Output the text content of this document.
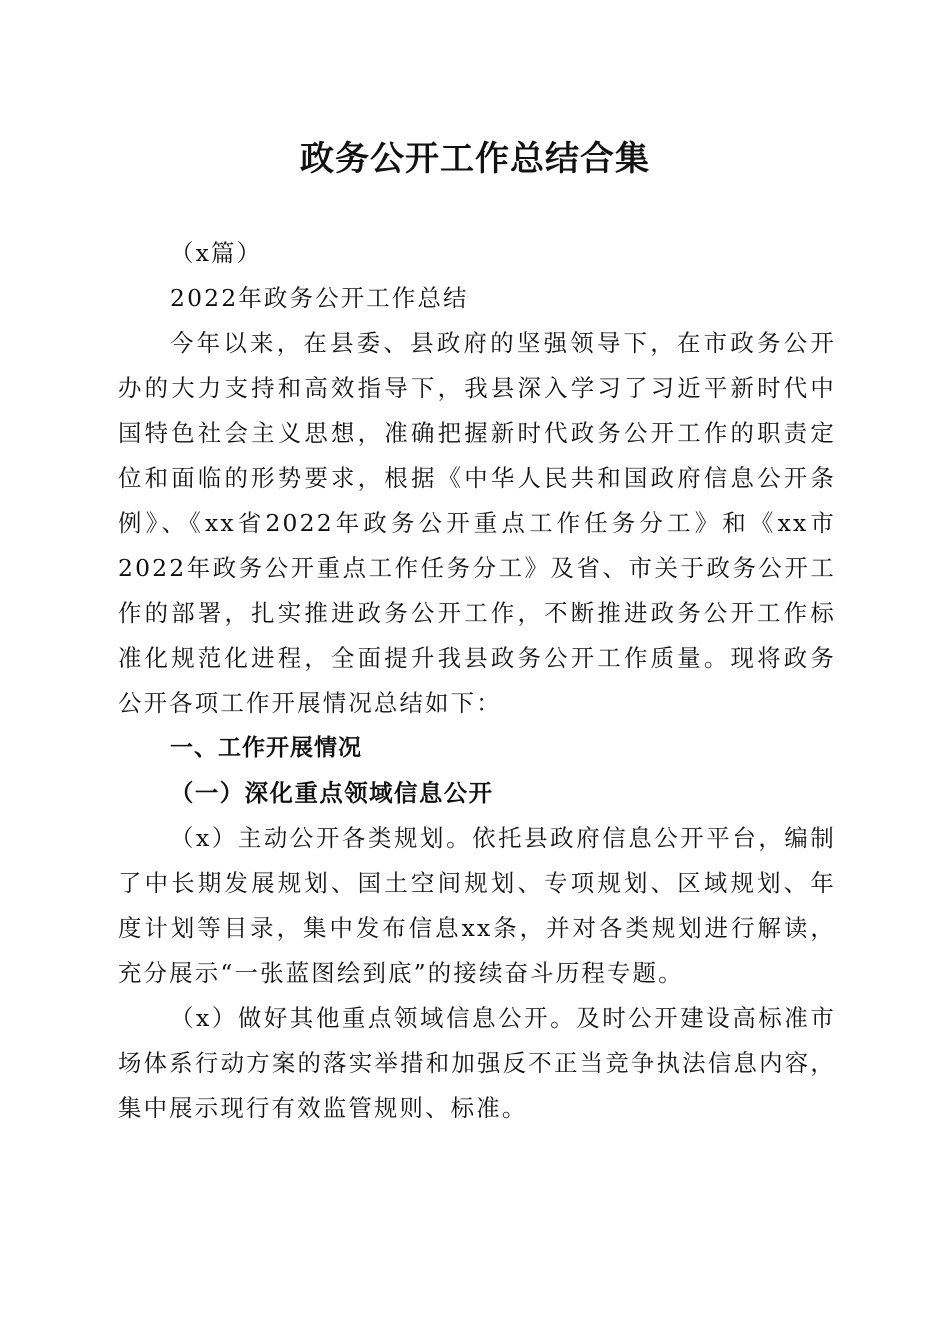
政务公开工作总结合集
（x篇）
2022年政务公开工作总结
今年以来，在县委、县政府的坚强领导下，在市政务公开
办的大力支持和高效指导下，我县深入学习了习近平新时代中
国特色社会主义思想，准确把握新时代政务公开工作的职责定
位和面临的形势要求，根据《中华人民共和国政府信息公开条
例》、《xx省2022年政务公开重点工作任务分工》和《xx市
2022年政务公开重点工作任务分工》及省、市关于政务公开工
作的部署，扎实推进政务公开工作，不断推进政务公开工作标
准化规范化进程，全面提升我县政务公开工作质量。现将政务
公开各项工作开展情况总结如下：
一、工作开展情况
（一）深化重点领域信息公开
（x）主动公开各类规划。依托县政府信息公开平台，编制
了中长期发展规划、国土空间规划、专项规划、区域规划、年
度计划等目录，集中发布信息xx条，并对各类规划进行解读，
充分展示“一张蓝图绘到底”的接续奋斗历程专题。
（x）做好其他重点领域信息公开。及时公开建设高标准市
场体系行动方案的落实举措和加强反不正当竞争执法信息内容，
集中展示现行有效监管规则、标准。
